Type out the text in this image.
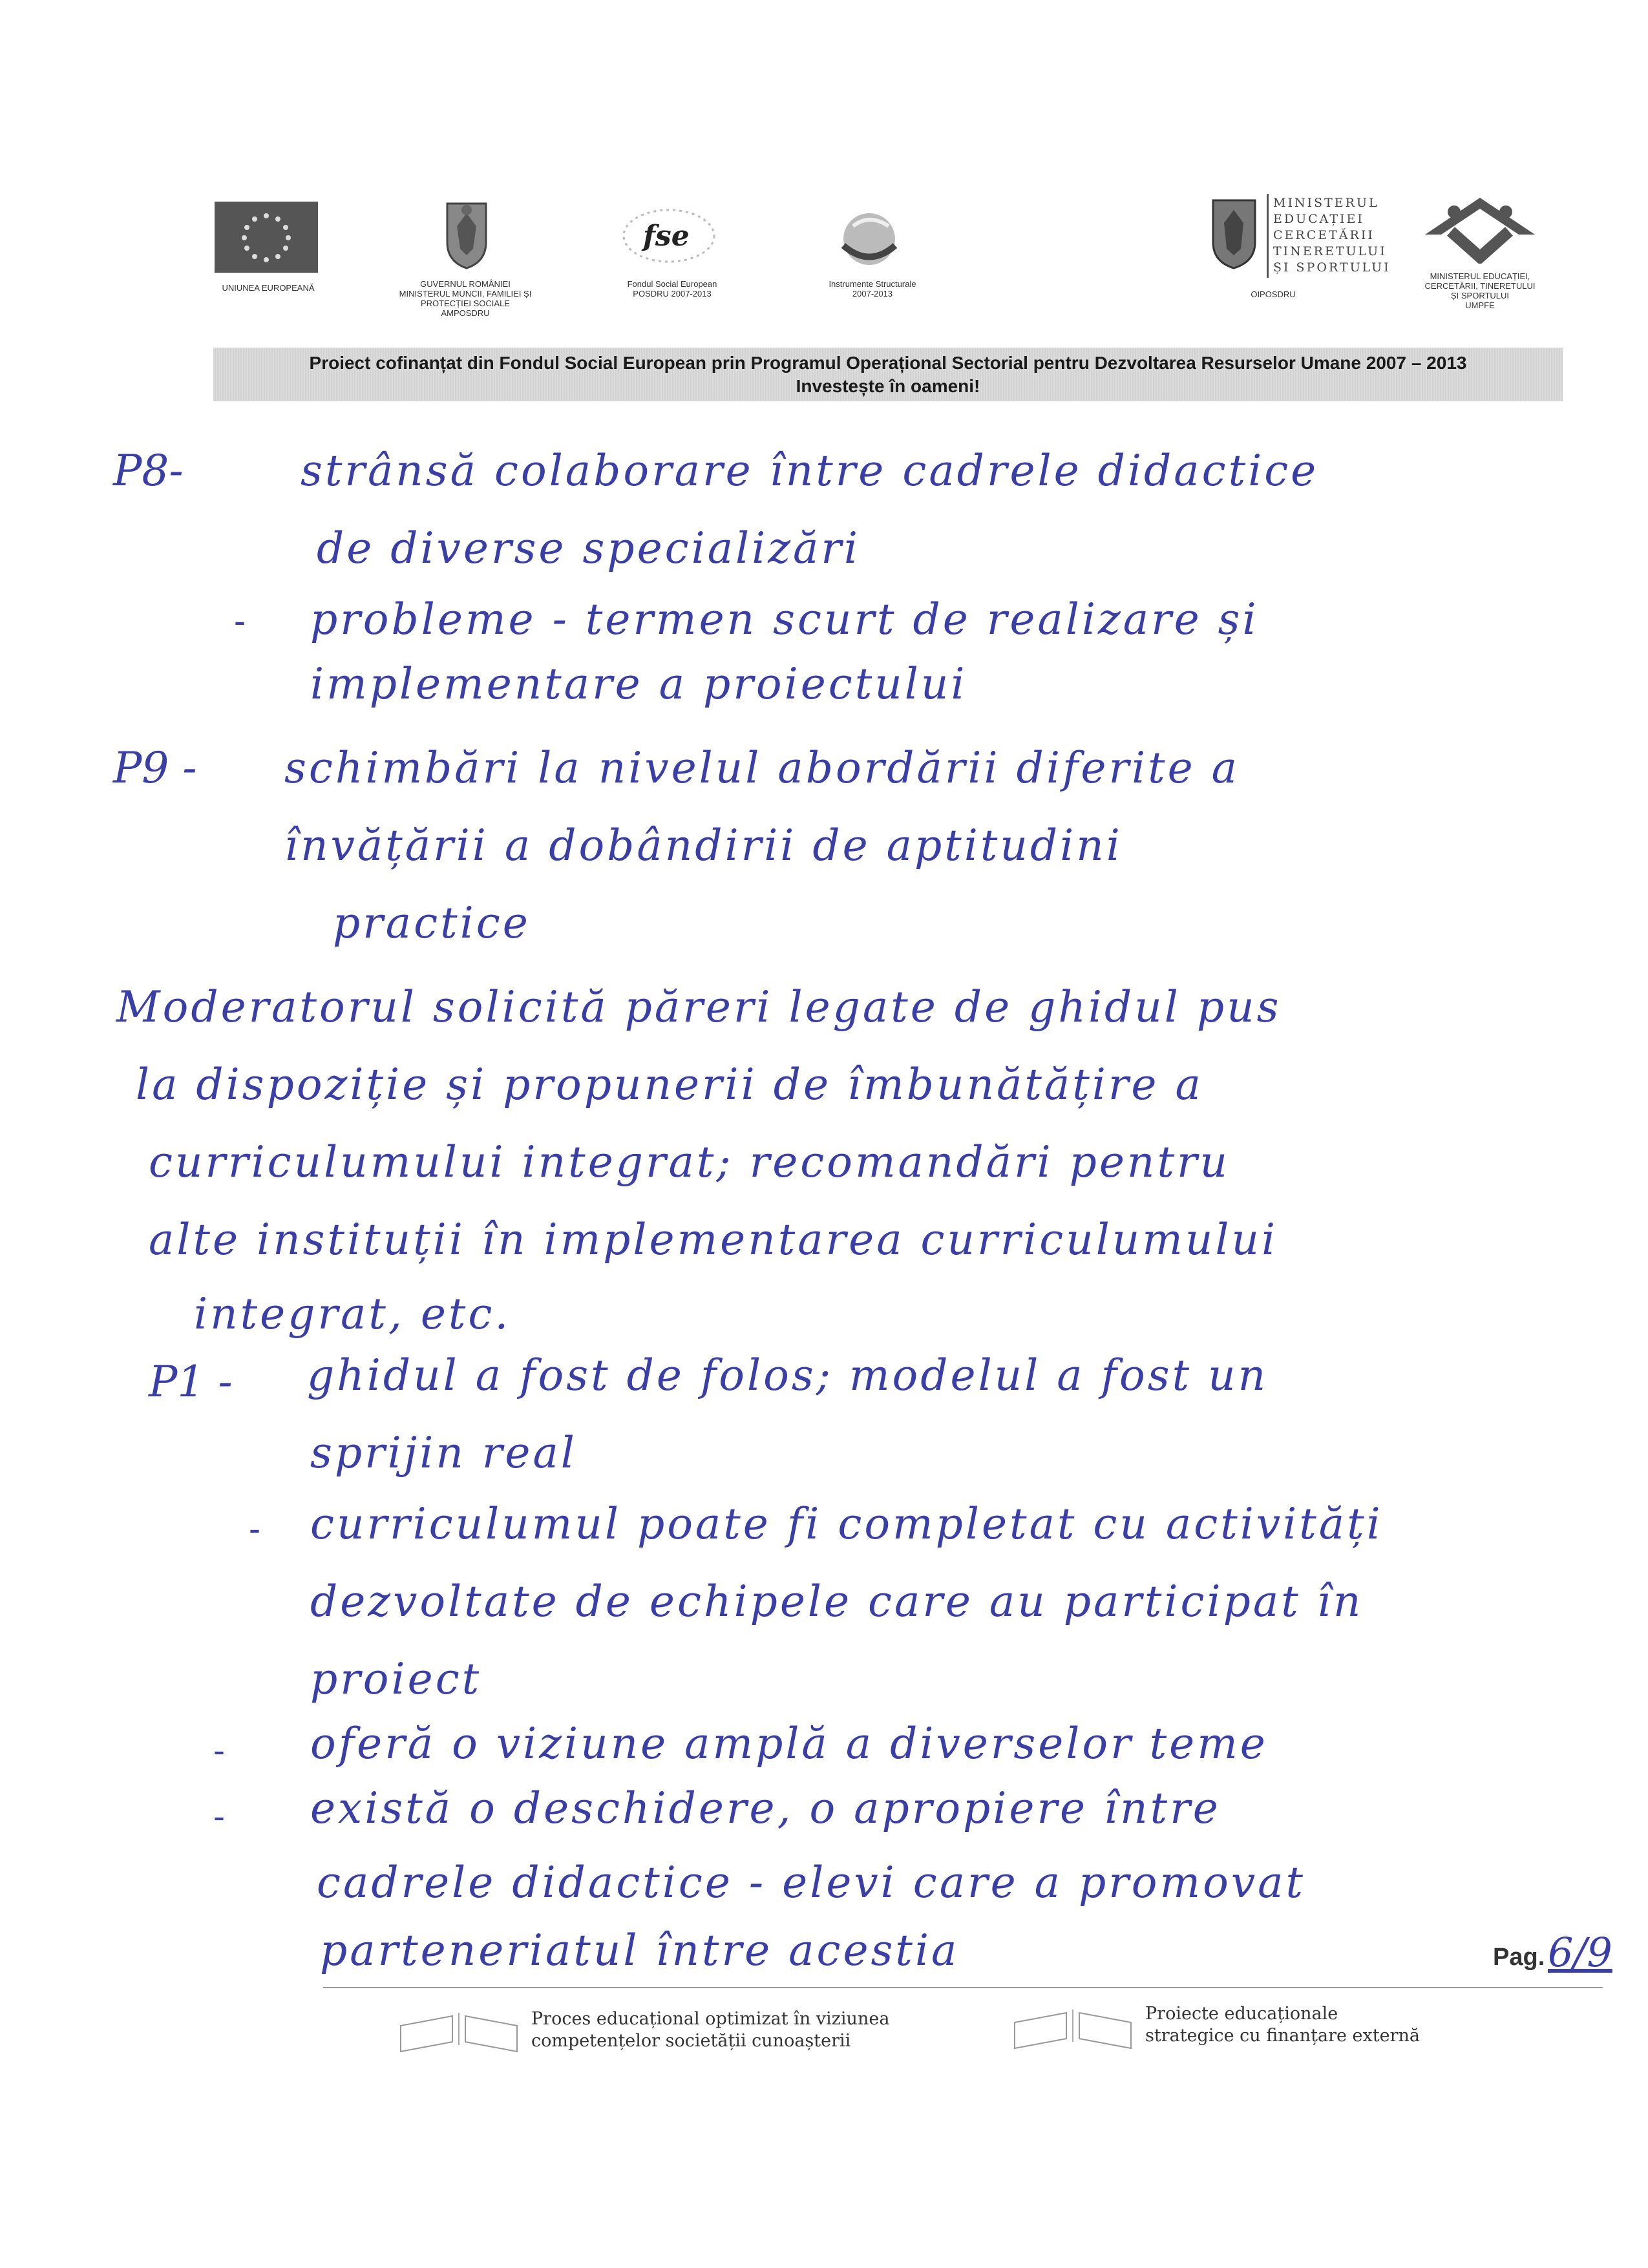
UNIUNEA EUROPEANĂ	GUVERNUL ROMÂNIEI
MINISTERUL MUNCII, FAMILIEI ȘI
PROTECȚIEI SOCIALE
AMPOSDRU
fse
Fondul Social European
POSDRU 2007-2013
Instrumente Structurale
2007-2013
MINISTERUL
EDUCAȚIEI
CERCETĂRII
TINERETULUI
ȘI SPORTULUI
OIPOSDRU
MINISTERUL EDUCAȚIEI,
CERCETĂRII, TINERETULUI
ȘI SPORTULUI
UMPFE
Proiect cofinanțat din Fondul Social European prin Programul Operațional Sectorial pentru Dezvoltarea Resurselor Umane 2007 – 2013
Investește în oameni!
P8-	strânsă colaborare între cadrele didactice
de diverse specializări
- probleme - termen scurt de realizare și
implementare a proiectului
P9 - schimbări la nivelul abordării diferite a
învățării a dobândirii de aptitudini
practice
Moderatorul solicită păreri legate de ghidul pus
la dispoziție și propunerii de îmbunătățire a
curriculumului integrat; recomandări pentru
alte instituții în implementarea curriculumului
integrat, etc.
P1 - ghidul a fost de folos; modelul a fost un
sprijin real
- curriculumul poate fi completat cu activități
dezvoltate de echipele care au participat în
proiect
- oferă o viziune amplă a diverselor teme
- există o deschidere, o apropiere între
cadrele didactice - elevi care a promovat
parteneriatul între acestia	Pag. 6/9
Proces educațional optimizat în viziunea
competențelor societății cunoașterii
Proiecte educaționale
strategice cu finanțare externă
